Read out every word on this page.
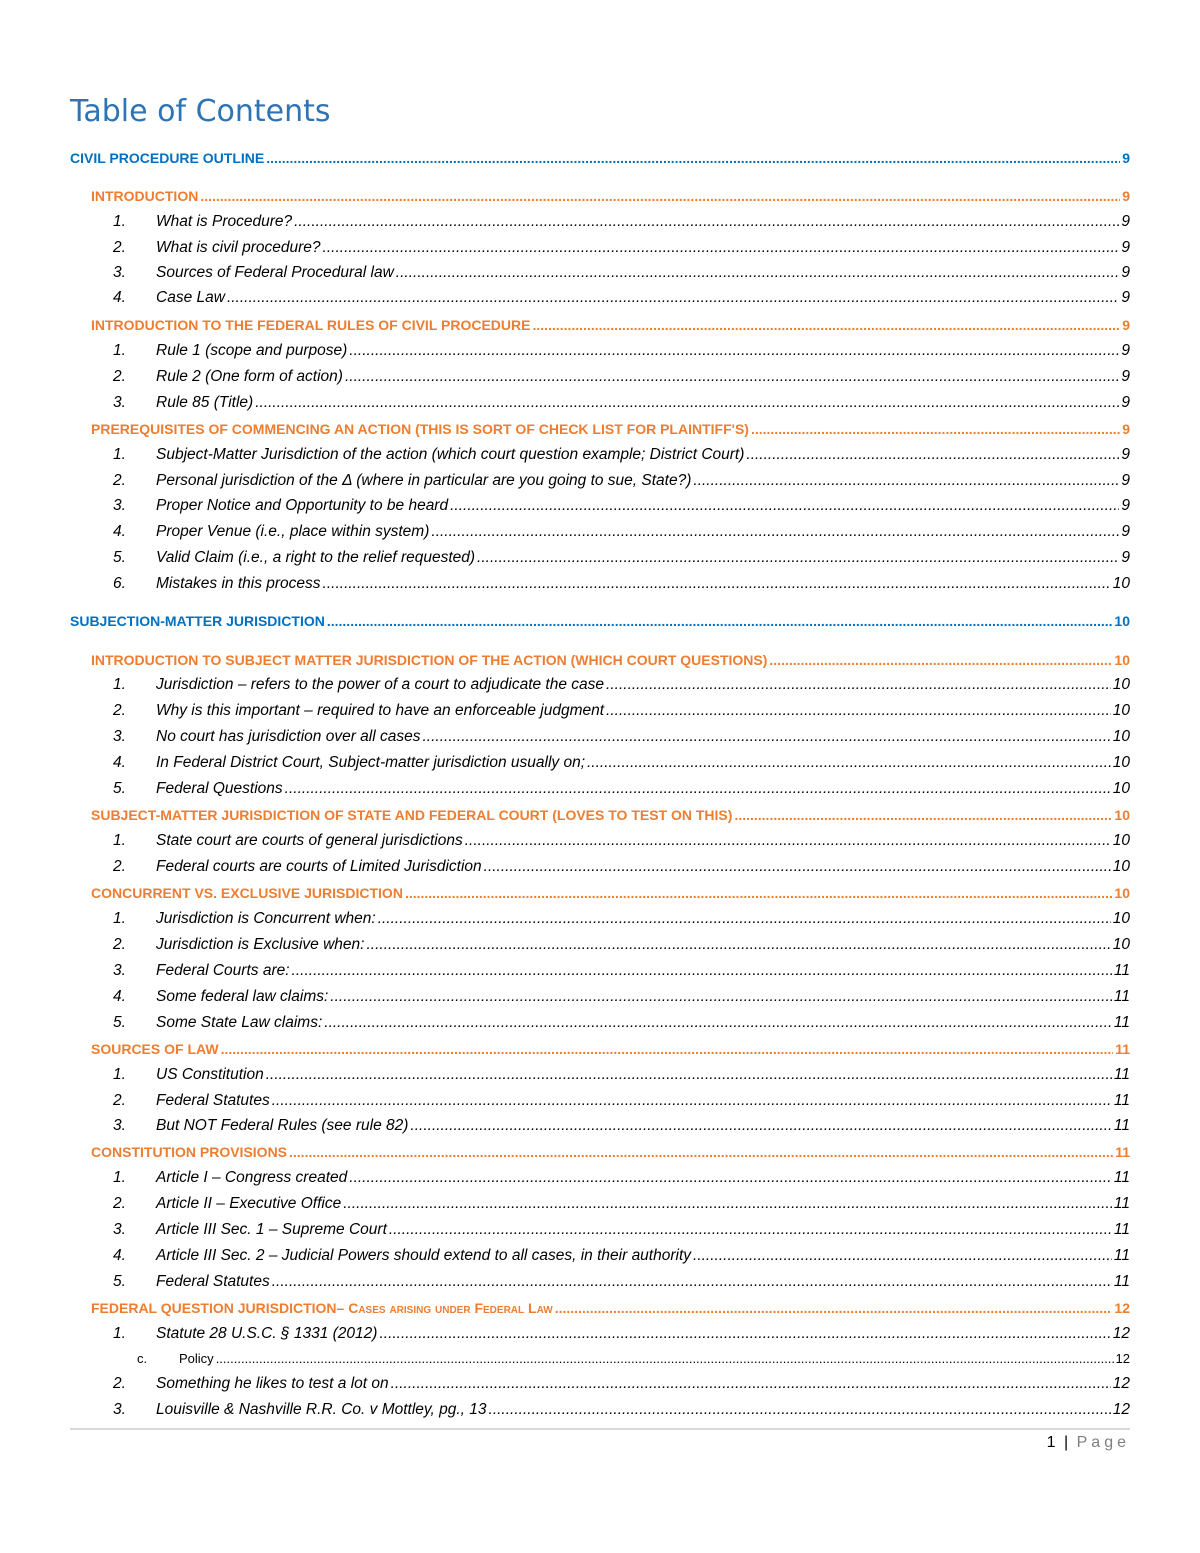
Table of Contents
CIVIL PROCEDURE OUTLINE .....	9
INTRODUCTION .....	9
1.	What is Procedure? .....	9
2.	What is civil procedure? .....	9
3.	Sources of Federal Procedural law .....	9
4.	Case Law .....	9
INTRODUCTION TO THE FEDERAL RULES OF CIVIL PROCEDURE .....	9
1.	Rule 1 (scope and purpose) .....	9
2.	Rule 2 (One form of action) .....	9
3.	Rule 85 (Title) .....	9
PREREQUISITES OF COMMENCING AN ACTION (THIS IS SORT OF CHECK LIST FOR PLAINTIFF'S) .....	9
1.	Subject-Matter Jurisdiction of the action (which court question example; District Court) .....	9
2.	Personal jurisdiction of the Δ (where in particular are you going to sue, State?) .....	9
3.	Proper Notice and Opportunity to be heard .....	9
4.	Proper Venue (i.e., place within system) .....	9
5.	Valid Claim (i.e., a right to the relief requested) .....	9
6.	Mistakes in this process .....	10
SUBJECTION-MATTER JURISDICTION .....	10
INTRODUCTION TO SUBJECT MATTER JURISDICTION OF THE ACTION (WHICH COURT QUESTIONS) .....	10
1.	Jurisdiction – refers to the power of a court to adjudicate the case .....	10
2.	Why is this important – required to have an enforceable judgment .....	10
3.	No court has jurisdiction over all cases .....	10
4.	In Federal District Court, Subject-matter jurisdiction usually on; .....	10
5.	Federal Questions .....	10
SUBJECT-MATTER JURISDICTION OF STATE AND FEDERAL COURT (LOVES TO TEST ON THIS) .....	10
1.	State court are courts of general jurisdictions .....	10
2.	Federal courts are courts of Limited Jurisdiction .....	10
CONCURRENT VS. EXCLUSIVE JURISDICTION .....	10
1.	Jurisdiction is Concurrent when: .....	10
2.	Jurisdiction is Exclusive when: .....	10
3.	Federal Courts are: .....	11
4.	Some federal law claims: .....	11
5.	Some State Law claims: .....	11
SOURCES OF LAW .....	11
1.	US Constitution .....	11
2.	Federal Statutes .....	11
3.	But NOT Federal Rules (see rule 82) .....	11
CONSTITUTION PROVISIONS .....	11
1.	Article I – Congress created .....	11
2.	Article II – Executive Office .....	11
3.	Article III Sec. 1 – Supreme Court .....	11
4.	Article III Sec. 2 – Judicial Powers should extend to all cases, in their authority .....	11
5.	Federal Statutes .....	11
FEDERAL QUESTION JURISDICTION – Cases arising under Federal Law .....	12
1.	Statute 28 U.S.C. § 1331 (2012) .....	12
c.	Policy .....	12
2.	Something he likes to test a lot on .....	12
3.	Louisville & Nashville R.R. Co. v Mottley, pg., 13 .....	12
1 | Page
